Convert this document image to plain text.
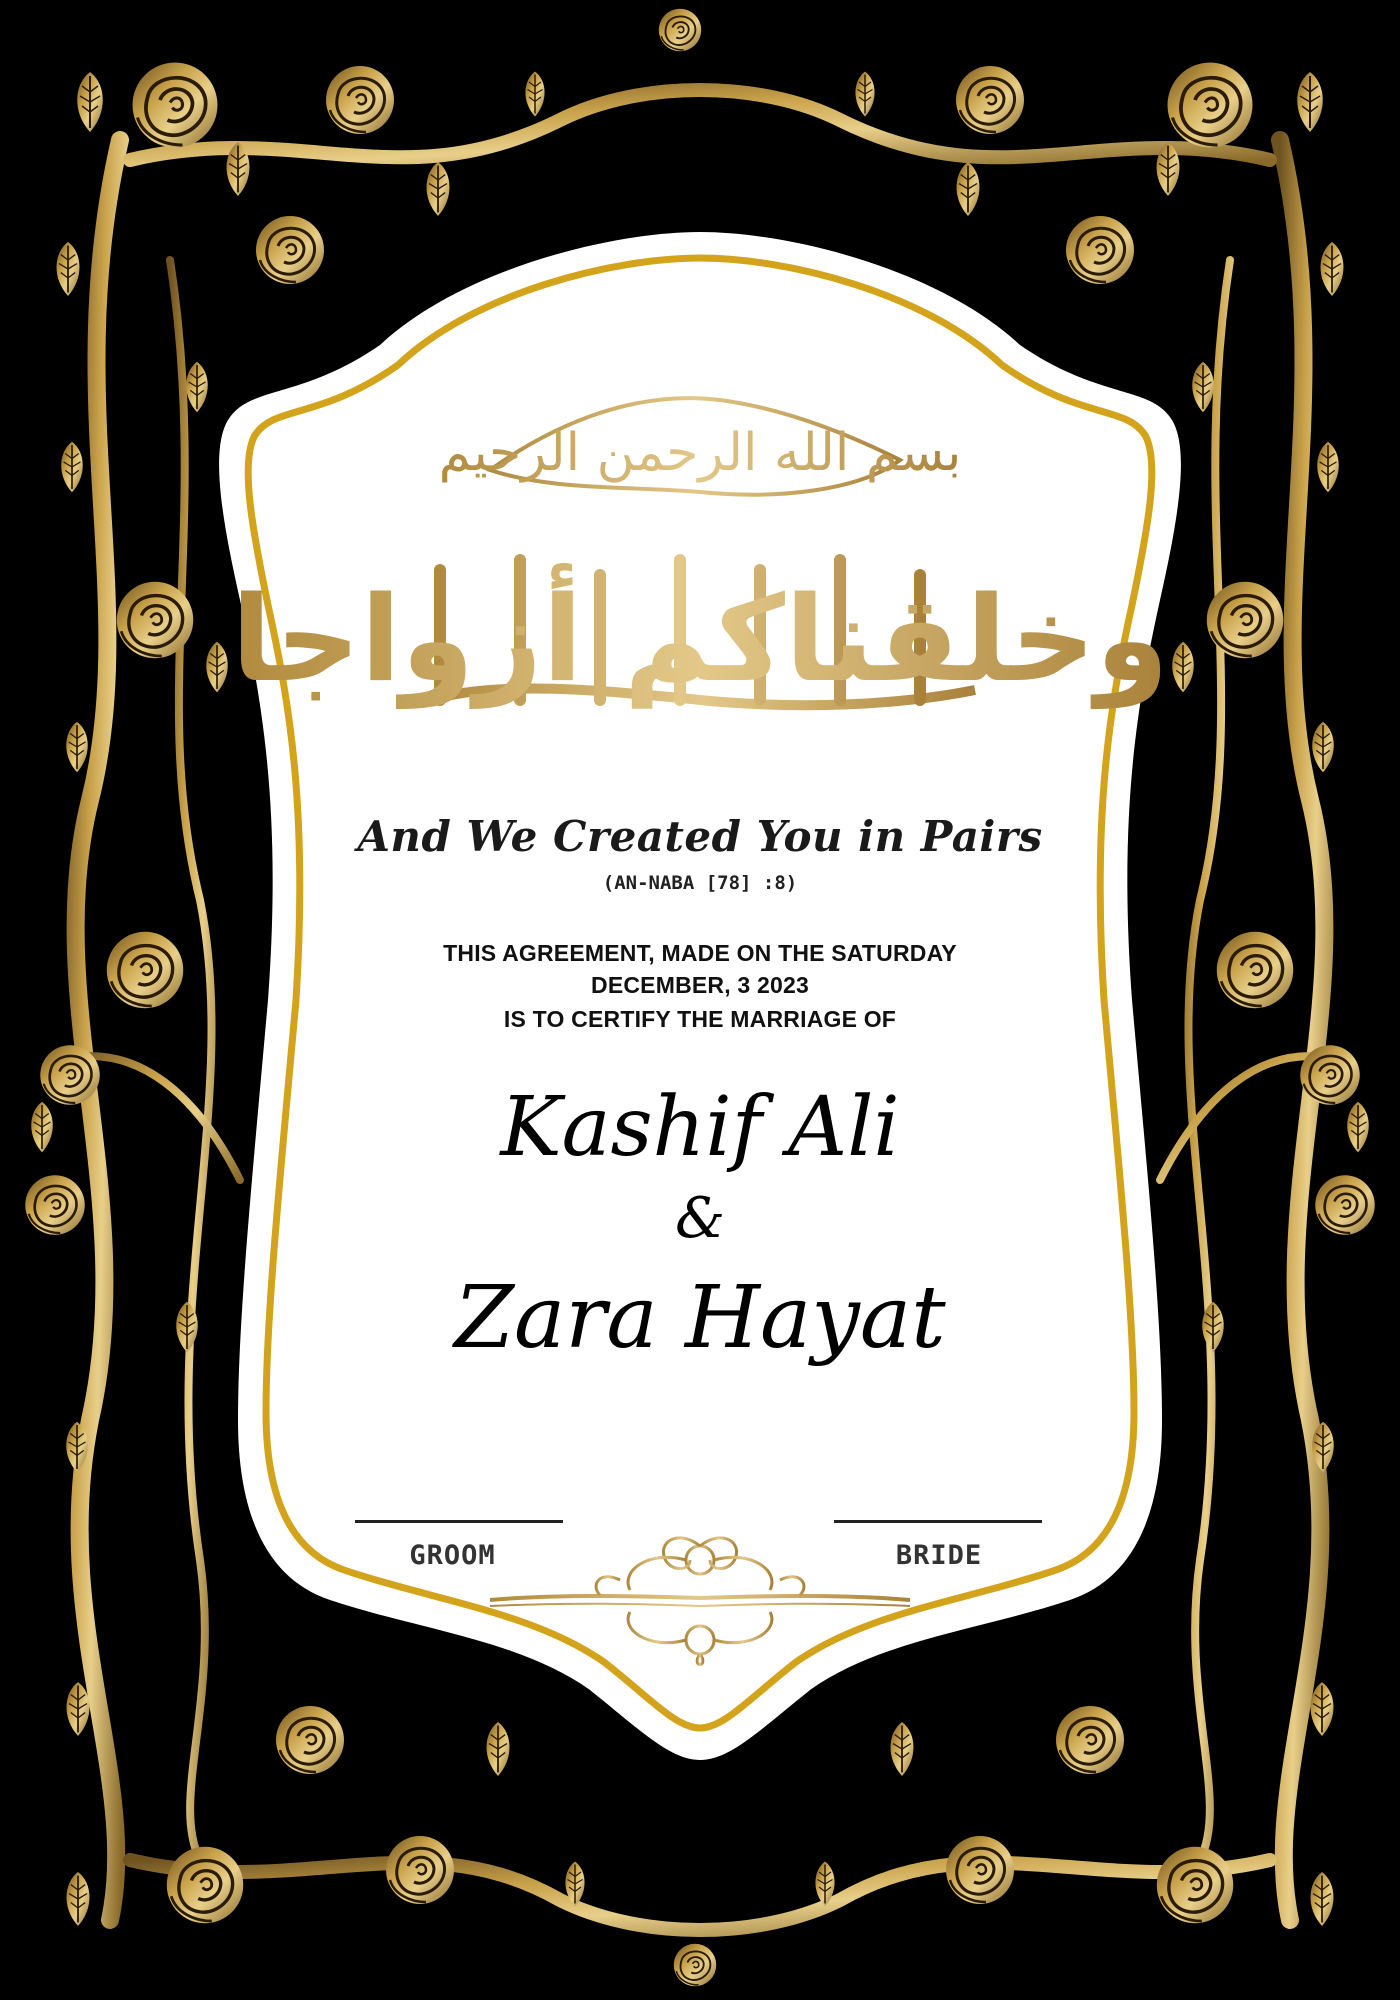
بسم الله الرحمن الرحيم
وخلقناكم أزواجا
And We Created You in Pairs
(AN-NABA [78] :8)
THIS AGREEMENT, MADE ON THE SATURDAY
DECEMBER, 3 2023
IS TO CERTIFY THE MARRIAGE OF
Kashif Ali
&
Zara Hayat
GROOM	BRIDE
